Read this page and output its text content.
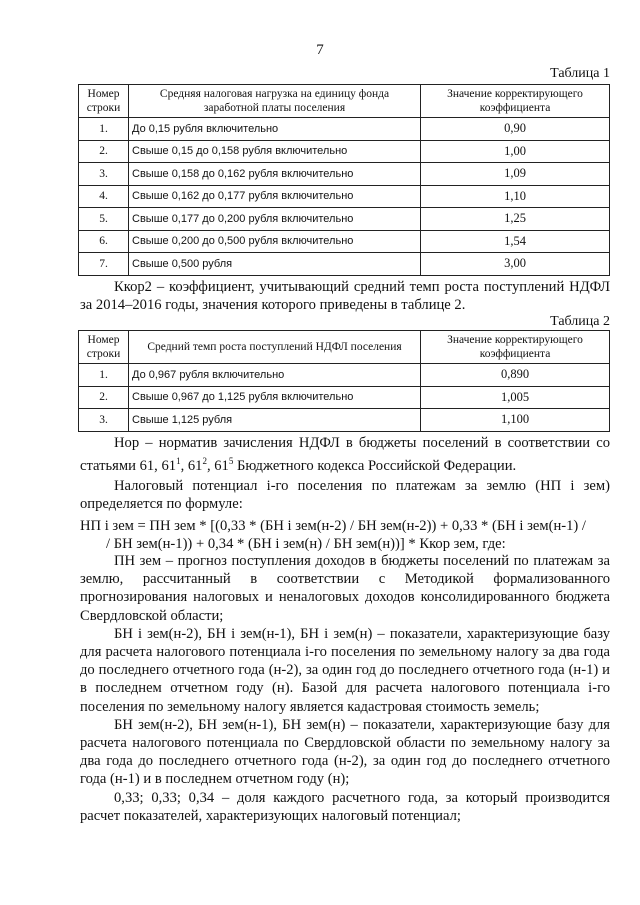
7
Таблица 1
Номер строки	Средняя налоговая нагрузка на единицу фонда заработной платы поселения	Значение корректирующего коэффициента
1.	До 0,15 рубля включительно	0,90
2.	Свыше 0,15 до 0,158 рубля включительно	1,00
3.	Свыше 0,158 до 0,162 рубля включительно	1,09
4.	Свыше 0,162 до 0,177 рубля включительно	1,10
5.	Свыше 0,177 до 0,200 рубля включительно	1,25
6.	Свыше 0,200 до 0,500 рубля включительно	1,54
7.	Свыше 0,500 рубля	3,00

Ккор2 – коэффициент, учитывающий средний темп роста поступлений НДФЛ за 2014–2016 годы, значения которого приведены в таблице 2.

Таблица 2
Номер строки	Средний темп роста поступлений НДФЛ поселения	Значение корректирующего коэффициента
1.	До 0,967 рубля включительно	0,890
2.	Свыше 0,967 до 1,125 рубля включительно	1,005
3.	Свыше 1,125 рубля	1,100

Нор – норматив зачисления НДФЛ в бюджеты поселений в соответствии со статьями 61, $61^1$, $61^2$, $61^5$ Бюджетного кодекса Российской Федерации.

Налоговый потенциал i-го поселения по платежам за землю (НП i зем) определяется по формуле:

НП i зем = ПН зем * [(0,33 * (БН i зем(н-2) / БН зем(н-2)) + 0,33 * (БН i зем(н-1) /

/ БН зем(н-1)) + 0,34 * (БН i зем(н) / БН зем(н))] * Ккор зем, где:

ПН зем – прогноз поступления доходов в бюджеты поселений по платежам за землю, рассчитанный в соответствии с Методикой формализованного прогнозирования налоговых и неналоговых доходов консолидированного бюджета Свердловской области;

БН i зем(н-2), БН i зем(н-1), БН i зем(н) – показатели, характеризующие базу для расчета налогового потенциала i-го поселения по земельному налогу за два года до последнего отчетного года (н-2), за один год до последнего отчетного года (н-1) и в последнем отчетном году (н). Базой для расчета налогового потенциала i-го поселения по земельному налогу является кадастровая стоимость земель;

БН зем(н-2), БН зем(н-1), БН зем(н) – показатели, характеризующие базу для расчета налогового потенциала по Свердловской области по земельному налогу за два года до последнего отчетного года (н-2), за один год до последнего отчетного года (н-1) и в последнем отчетном году (н);

0,33; 0,33; 0,34 – доля каждого расчетного года, за который производится расчет показателей, характеризующих налоговый потенциал;
